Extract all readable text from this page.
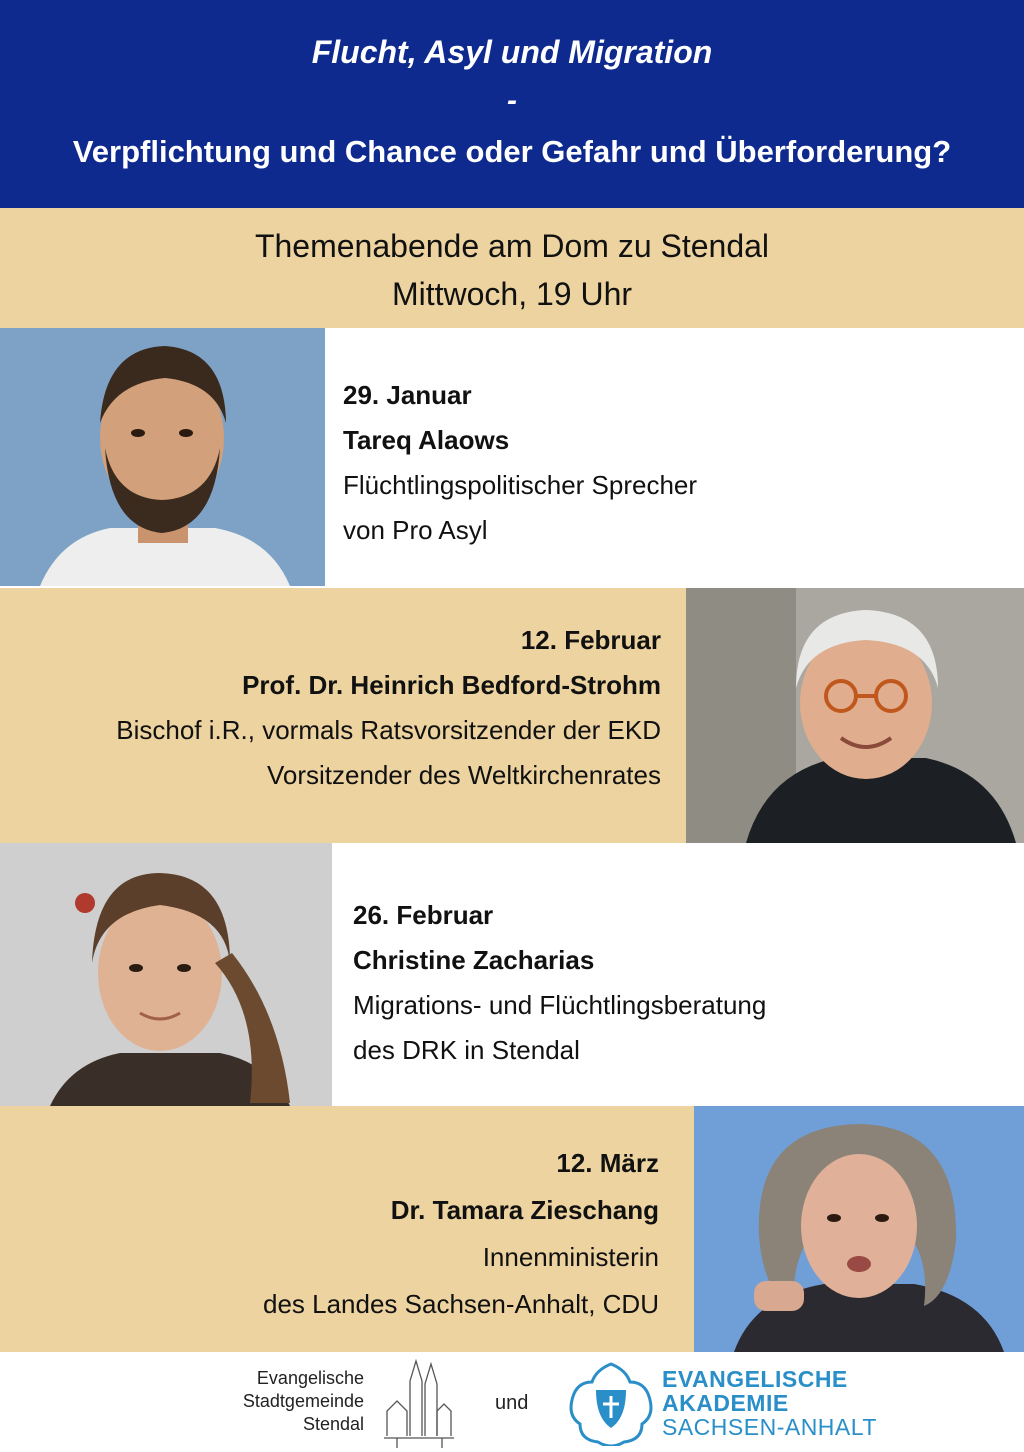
Flucht, Asyl und Migration
-
Verpflichtung und Chance oder Gefahr und Überforderung?
Themenabende am Dom zu Stendal
Mittwoch, 19 Uhr
29. Januar
Tareq Alaows
Flüchtlingspolitischer Sprecher
von Pro Asyl
12. Februar
Prof. Dr. Heinrich Bedford-Strohm
Bischof i.R., vormals Ratsvorsitzender der EKD
Vorsitzender des Weltkirchenrates
26. Februar
Christine Zacharias
Migrations- und Flüchtlingsberatung
des DRK in Stendal
12. März
Dr. Tamara Zieschang
Innenministerin
des Landes Sachsen-Anhalt, CDU
Evangelische
Stadtgemeinde
Stendal
und
EVANGELISCHE
AKADEMIE
SACHSEN-ANHALT
